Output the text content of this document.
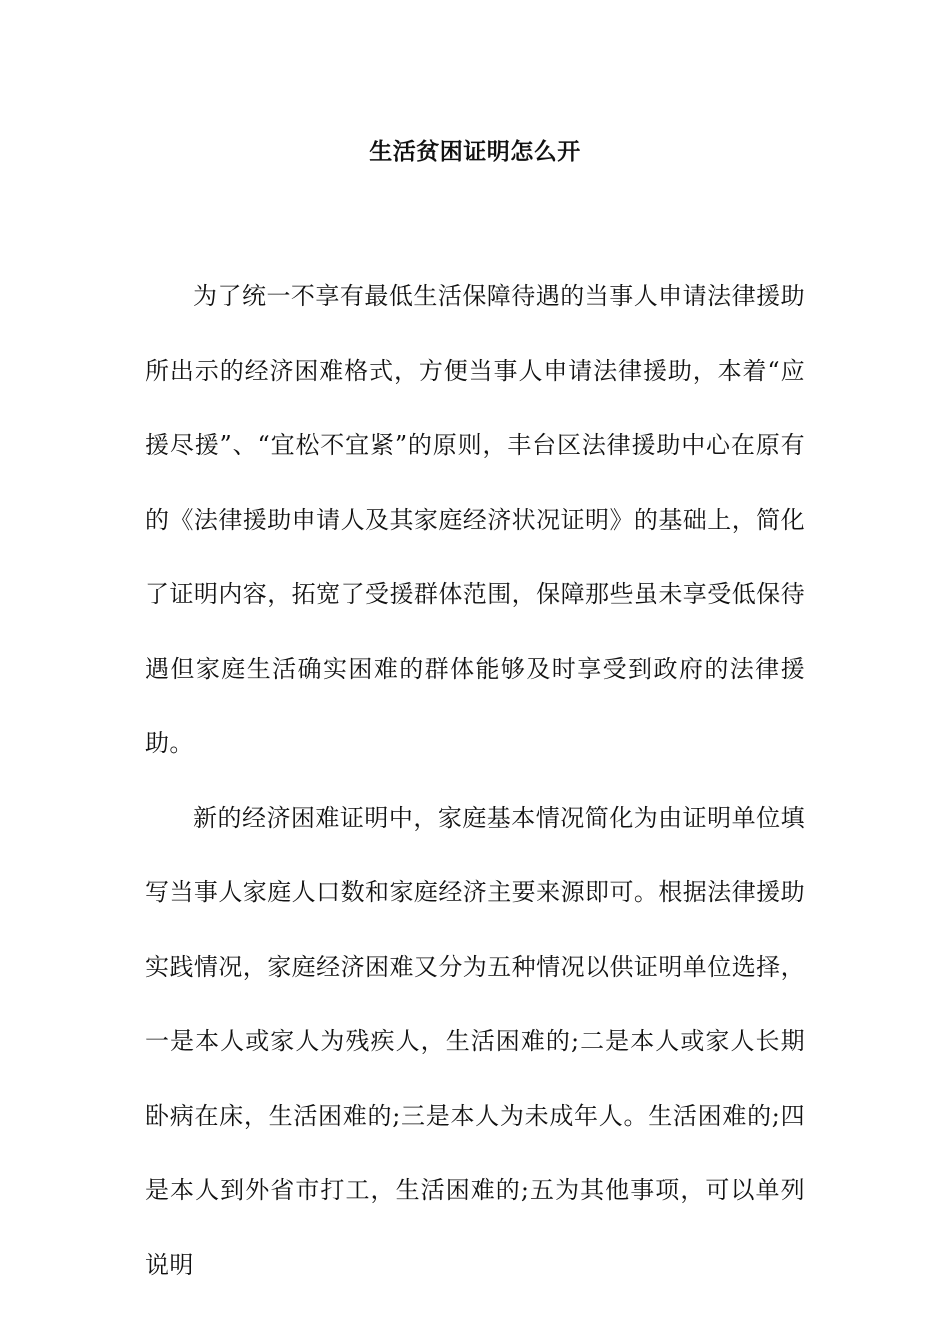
生活贫困证明怎么开

为了统一不享有最低生活保障待遇的当事人申请法律援助所出示的经济困难格式，方便当事人申请法律援助，本着“应援尽援”、“宜松不宜紧”的原则，丰台区法律援助中心在原有的《法律援助申请人及其家庭经济状况证明》的基础上，简化了证明内容，拓宽了受援群体范围，保障那些虽未享受低保待遇但家庭生活确实困难的群体能够及时享受到政府的法律援助。

新的经济困难证明中，家庭基本情况简化为由证明单位填写当事人家庭人口数和家庭经济主要来源即可。根据法律援助实践情况，家庭经济困难又分为五种情况以供证明单位选择，一是本人或家人为残疾人，生活困难的;二是本人或家人长期卧病在床，生活困难的;三是本人为未成年人。生活困难的;四是本人到外省市打工，生活困难的;五为其他事项，可以单列说明
